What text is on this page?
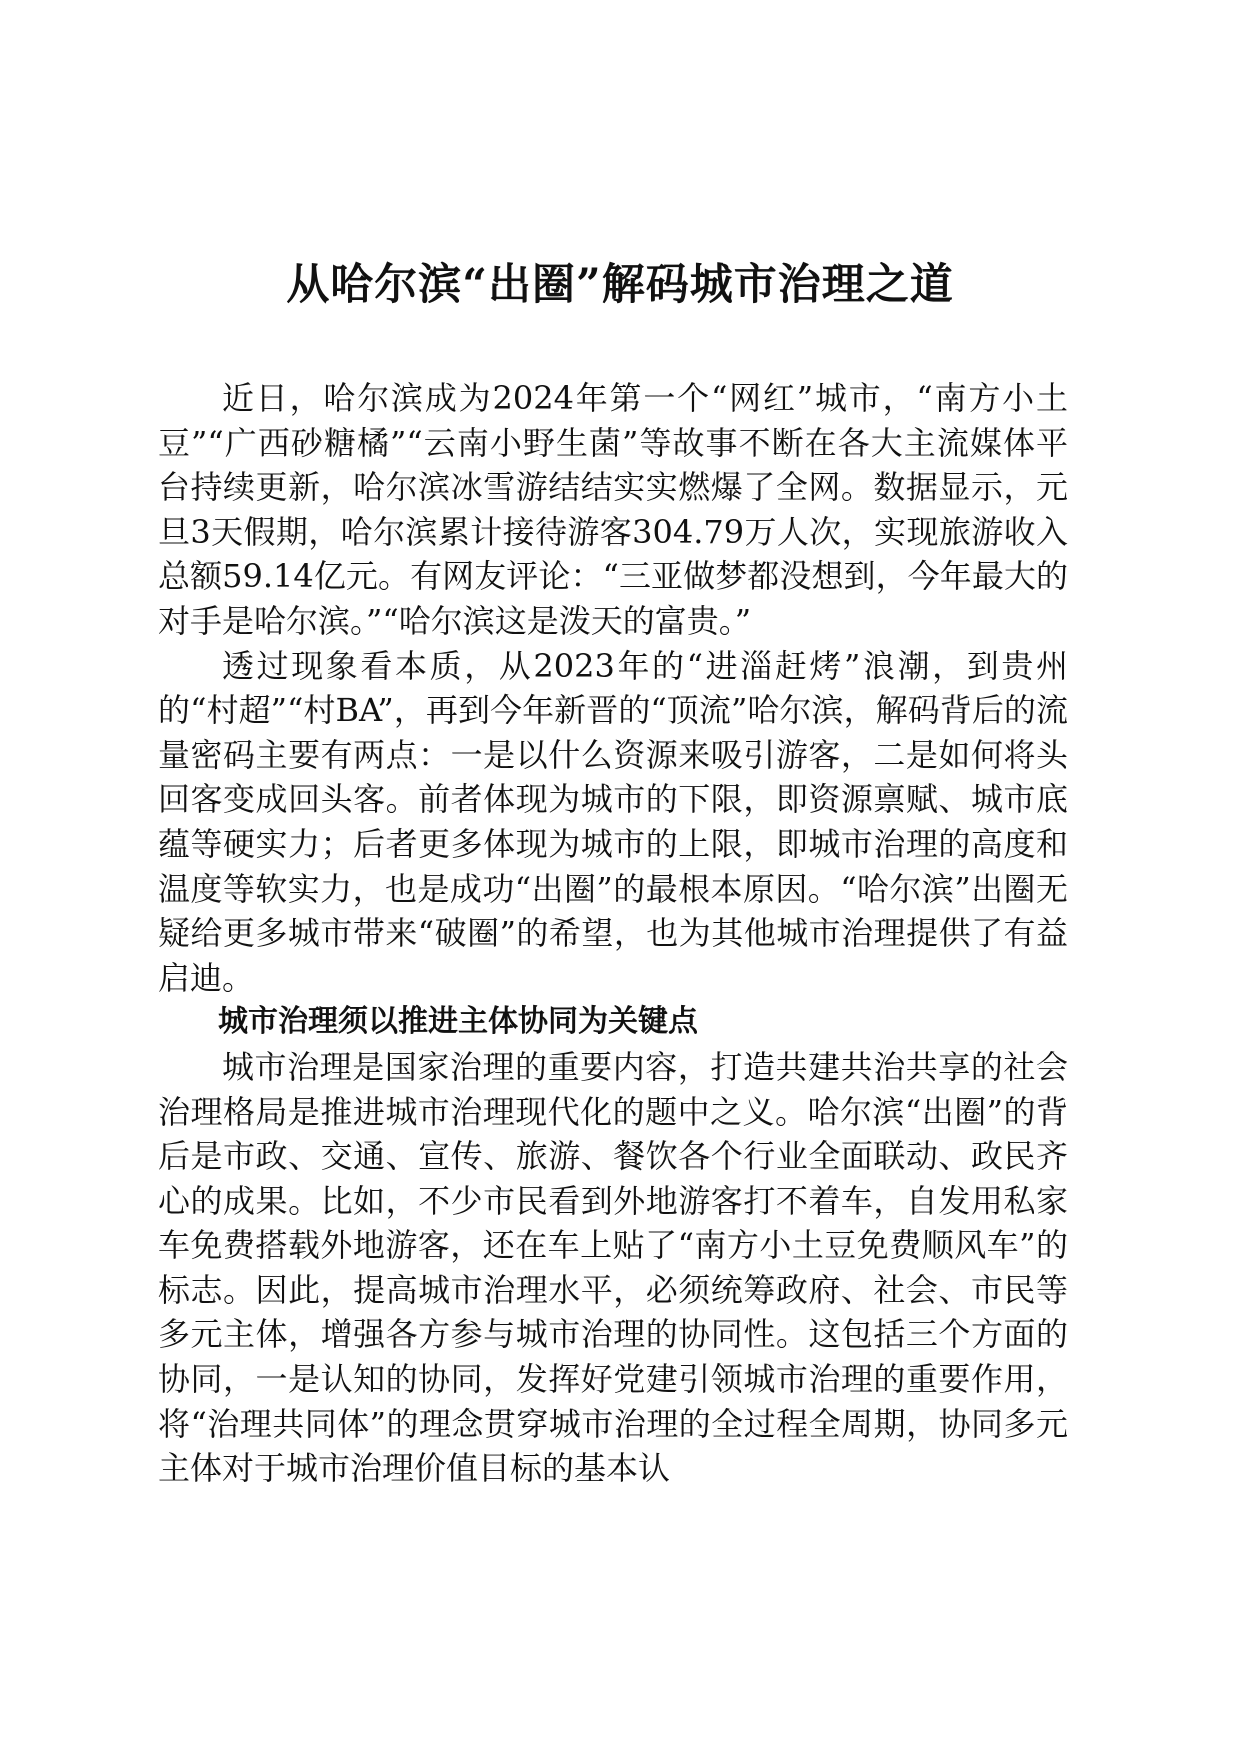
从哈尔滨“出圈”解码城市治理之道

近日，哈尔滨成为2024年第一个“网红”城市，“南方小土豆”“广西砂糖橘”“云南小野生菌”等故事不断在各大主流媒体平台持续更新，哈尔滨冰雪游结结实实燃爆了全网。数据显示，元旦3天假期，哈尔滨累计接待游客304.79万人次，实现旅游收入总额59.14亿元。有网友评论：“三亚做梦都没想到，今年最大的对手是哈尔滨。”“哈尔滨这是泼天的富贵。”

透过现象看本质，从2023年的“进淄赶烤”浪潮，到贵州的“村超”“村BA”，再到今年新晋的“顶流”哈尔滨，解码背后的流量密码主要有两点：一是以什么资源来吸引游客，二是如何将头回客变成回头客。前者体现为城市的下限，即资源禀赋、城市底蕴等硬实力；后者更多体现为城市的上限，即城市治理的高度和温度等软实力，也是成功“出圈”的最根本原因。“哈尔滨”出圈无疑给更多城市带来“破圈”的希望，也为其他城市治理提供了有益启迪。

城市治理须以推进主体协同为关键点

城市治理是国家治理的重要内容，打造共建共治共享的社会治理格局是推进城市治理现代化的题中之义。哈尔滨“出圈”的背后是市政、交通、宣传、旅游、餐饮各个行业全面联动、政民齐心的成果。比如，不少市民看到外地游客打不着车，自发用私家车免费搭载外地游客，还在车上贴了“南方小土豆免费顺风车”的标志。因此，提高城市治理水平，必须统筹政府、社会、市民等多元主体，增强各方参与城市治理的协同性。这包括三个方面的协同，一是认知的协同，发挥好党建引领城市治理的重要作用，将“治理共同体”的理念贯穿城市治理的全过程全周期，协同多元主体对于城市治理价值目标的基本认
